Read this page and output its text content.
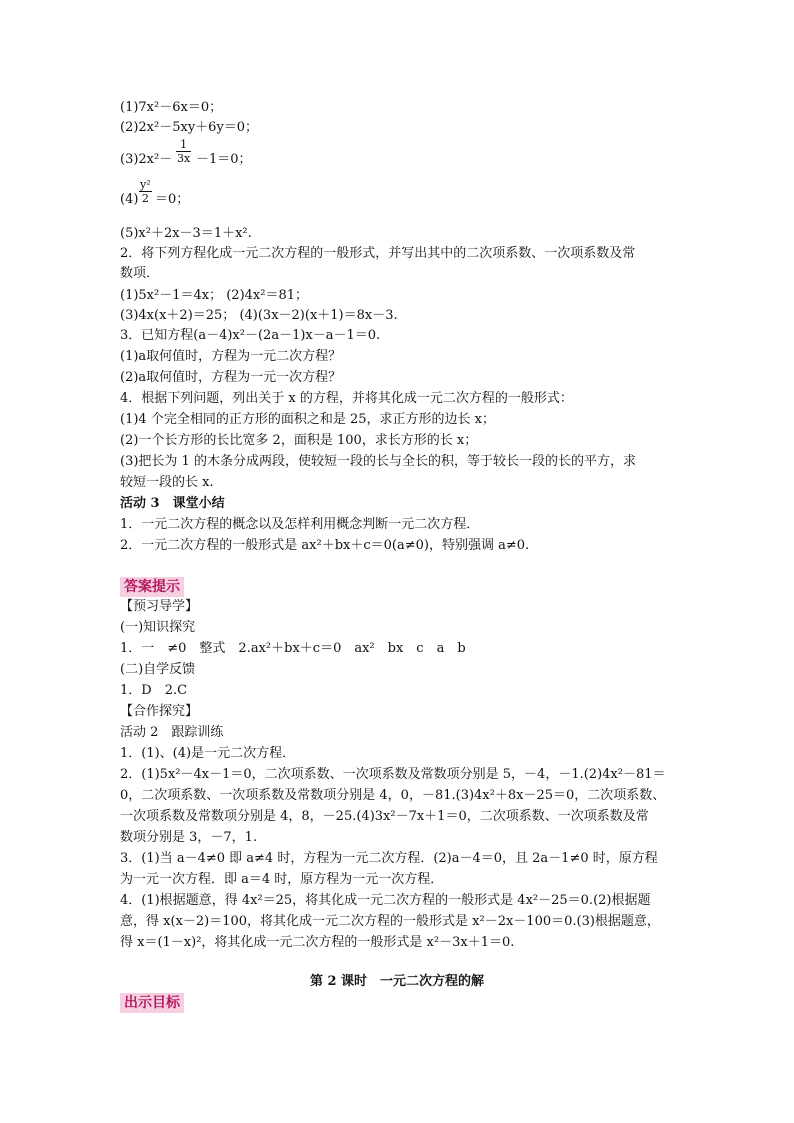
(1)7x²－6x＝0；
(2)2x²－5xy＋6y＝0；
$(3)2x^2- \frac{1}{3x} -1=0$；
$(4) \frac{\text{y²}}{2} =0$；
(5)x²＋2x－3＝1＋x².
2．将下列方程化成一元二次方程的一般形式，并写出其中的二次项系数、一次项系数及常
数项．
(1)5x²－1＝4x； (2)4x²＝81；
(3)4x(x＋2)＝25； (4)(3x－2)(x＋1)＝8x－3.
3．已知方程(a－4)x²－(2a－1)x－a－1＝0.
(1)a取何值时，方程为一元二次方程？
(2)a取何值时，方程为一元一次方程？
4．根据下列问题，列出关于 x 的方程，并将其化成一元二次方程的一般形式：
(1)4 个完全相同的正方形的面积之和是 25，求正方形的边长 x；
(2)一个长方形的长比宽多 2，面积是 100，求长方形的长 x；
(3)把长为 1 的木条分成两段，使较短一段的长与全长的积，等于较长一段的长的平方，求
较短一段的长 x.
活动 3　课堂小结
1．一元二次方程的概念以及怎样利用概念判断一元二次方程．
2．一元二次方程的一般形式是 ax²＋bx＋c＝0(a≠0)，特别强调 a≠0.
答案提示
【预习导学】
(一)知识探究
1．一　≠0　整式　2.ax²＋bx＋c＝0　ax²　bx　c　a　b
(二)自学反馈
1．D　2.C
【合作探究】
活动 2　跟踪训练
1．(1)、(4)是一元二次方程．
2．(1)5x²－4x－1＝0，二次项系数、一次项系数及常数项分别是 5，－4，－1.(2)4x²－81＝
0，二次项系数、一次项系数及常数项分别是 4，0，－81.(3)4x²＋8x－25＝0，二次项系数、
一次项系数及常数项分别是 4，8，－25.(4)3x²－7x＋1＝0，二次项系数、一次项系数及常
数项分别是 3，－7，1.
3．(1)当 a－4≠0 即 a≠4 时，方程为一元二次方程．(2)a－4＝0，且 2a－1≠0 时，原方程
为一元一次方程．即 a＝4 时，原方程为一元一次方程．
4．(1)根据题意，得 4x²＝25，将其化成一元二次方程的一般形式是 4x²－25＝0.(2)根据题
意，得 x(x－2)＝100，将其化成一元二次方程的一般形式是 x²－2x－100＝0.(3)根据题意，
得 x＝(1－x)²，将其化成一元二次方程的一般形式是 x²－3x＋1＝0.
第 2 课时　一元二次方程的解
出示目标
